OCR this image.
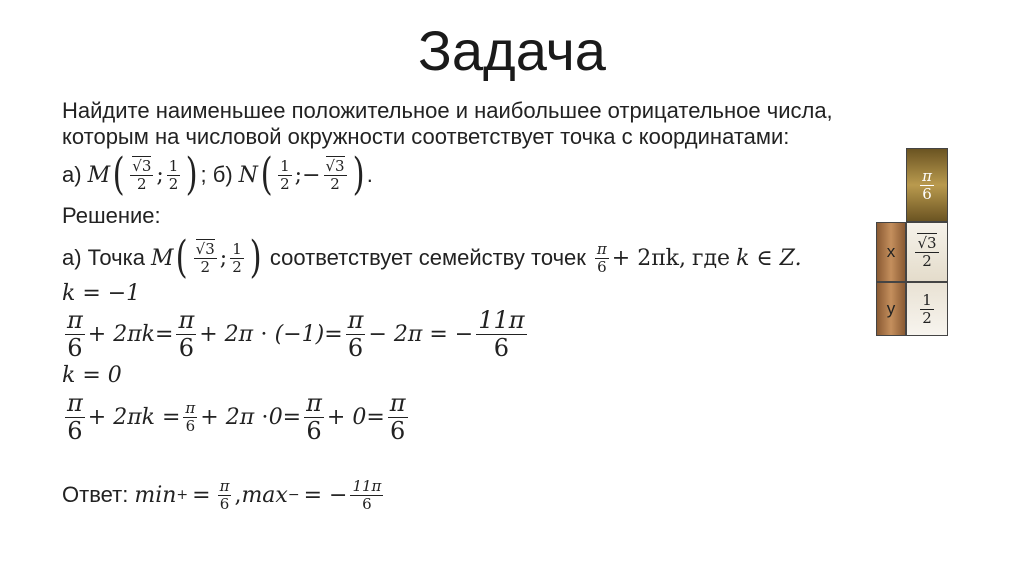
Задача
Найдите наименьшее положительное и наибольшее отрицательное числа,
которым на числовой окружности соответствует точка с координатами:
а) M ( $\frac{√3}{2}$ ; $\frac{1}{2}$ ) ; б) N ( $\frac{1}{2}$ ; − $\frac{√3}{2}$ ) .
Решение:
а) Точка M ( $\frac{√3}{2}$ ; $\frac{1}{2}$ ) соответствует семейству точек $\frac{\pi}{6} + 2\pi k$, где k ∈ Z.
k = −1
$\frac{\pi}{6} + 2\pi k= \frac{\pi}{6} + 2\pi \cdot (-1)= \frac{\pi}{6} - 2\pi$ = − $\frac{11\pi}{6}$
k = 0
$\frac{\pi}{6} + 2\pi k = \frac{\pi}{6} + 2\pi \cdot 0= \frac{\pi}{6} + 0= \frac{\pi}{6}$
Ответ: min + = $\frac{\pi}{6}$ , max − = − $\frac{11\pi}{6}$
$\frac{\pi}{6}$
x	$\frac{√3}{2}$
y	$\frac{1}{2}$
